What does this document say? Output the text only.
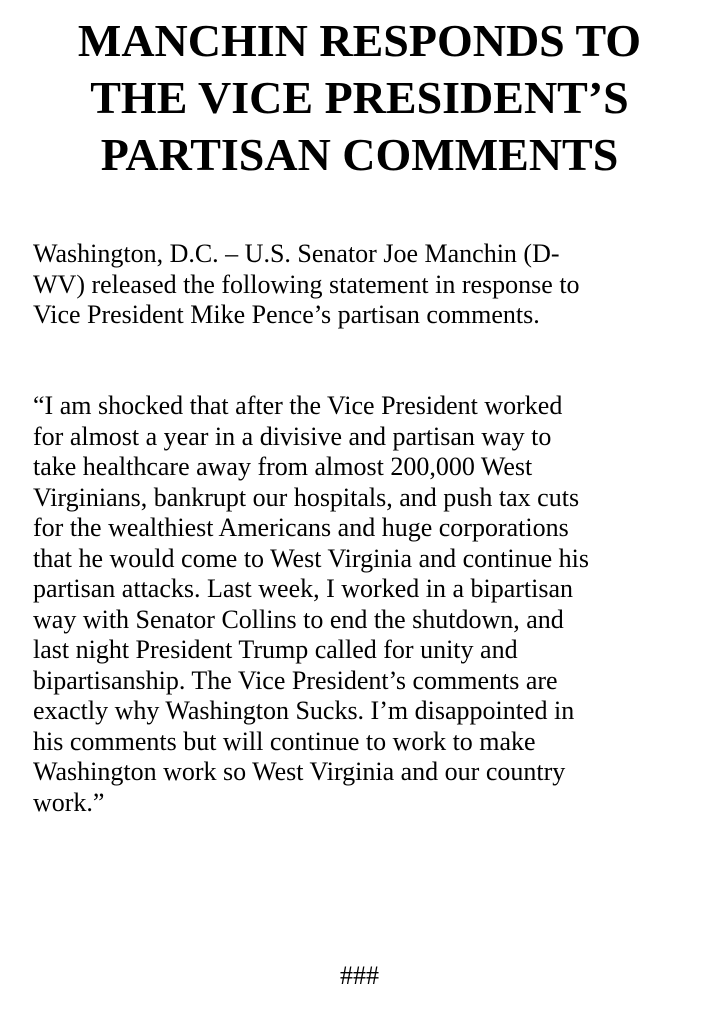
MANCHIN RESPONDS TO
THE VICE PRESIDENT’S
PARTISAN COMMENTS

Washington, D.C. – U.S. Senator Joe Manchin (D-
WV) released the following statement in response to
Vice President Mike Pence’s partisan comments.

“I am shocked that after the Vice President worked
for almost a year in a divisive and partisan way to
take healthcare away from almost 200,000 West
Virginians, bankrupt our hospitals, and push tax cuts
for the wealthiest Americans and huge corporations
that he would come to West Virginia and continue his
partisan attacks. Last week, I worked in a bipartisan
way with Senator Collins to end the shutdown, and
last night President Trump called for unity and
bipartisanship. The Vice President’s comments are
exactly why Washington Sucks. I’m disappointed in
his comments but will continue to work to make
Washington work so West Virginia and our country
work.”

###
